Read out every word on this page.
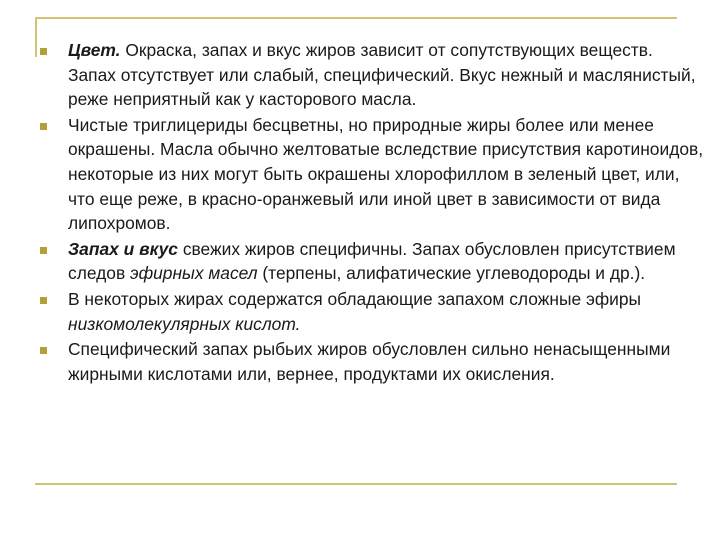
Цвет. Окраска, запах и вкус жиров зависит от сопутствующих веществ. Запах отсутствует или слабый, специфический. Вкус нежный и маслянистый, реже неприятный как у касторового масла.
Чистые триглицериды бесцветны, но природные жиры более или менее окрашены. Масла обычно желтоватые вследствие присутствия каротиноидов, некоторые из них могут быть окрашены хлорофиллом в зеленый цвет, или, что еще реже, в красно-оранжевый или иной цвет в зависимости от вида липохромов.
Запах и вкус свежих жиров специфичны. Запах обусловлен присутствием следов эфирных масел (терпены, алифатические углеводороды и др.).
В некоторых жирах содержатся обладающие запахом сложные эфиры низкомолекулярных кислот.
Специфический запах рыбьих жиров обусловлен сильно ненасыщенными жирными кислотами или, вернее, продуктами их окисления.
